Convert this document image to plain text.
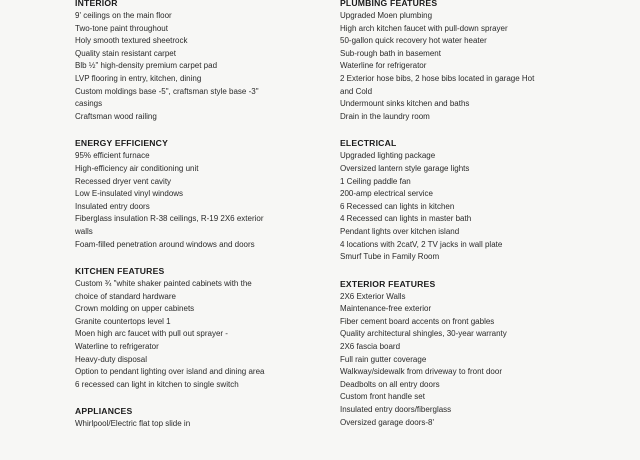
INTERIOR
9' ceilings on the main floor
Two-tone paint throughout
Holy smooth textured sheetrock
Quality stain resistant carpet
Blb ½" high-density premium carpet pad
LVP flooring in entry, kitchen, dining
Custom moldings base -5", craftsman style base -3"
casings
Craftsman wood railing
ENERGY EFFICIENCY
95% efficient furnace
High-efficiency air conditioning unit
Recessed dryer vent cavity
Low E-insulated vinyl windows
Insulated entry doors
Fiberglass insulation R-38 ceilings, R-19 2X6 exterior
walls
Foam-filled penetration around windows and doors
KITCHEN FEATURES
Custom ¾ "white shaker painted cabinets with the
choice of standard hardware
Crown molding on upper cabinets
Granite countertops level 1
Moen high arc faucet with pull out sprayer -
Waterline to refrigerator
Heavy-duty disposal
Option to pendant lighting over island and dining area
6 recessed can light in kitchen to single switch
APPLIANCES
Whirlpool/Electric flat top slide in
PLUMBING FEATURES
Upgraded Moen plumbing
High arch kitchen faucet with pull-down sprayer
50-gallon quick recovery hot water heater
Sub-rough bath in basement
Waterline for refrigerator
2 Exterior hose bibs, 2 hose bibs located in garage Hot
and Cold
Undermount sinks kitchen and baths
Drain in the laundry room
ELECTRICAL
Upgraded lighting package
Oversized lantern style garage lights
1 Ceiling paddle fan
200-amp electrical service
6 Recessed can lights in kitchen
4 Recessed can lights in master bath
Pendant lights over kitchen island
4 locations with 2catV, 2 TV jacks in wall plate
Smurf Tube in Family Room
EXTERIOR FEATURES
2X6 Exterior Walls
Maintenance-free exterior
Fiber cement board accents on front gables
Quality architectural shingles, 30-year warranty
2X6 fascia board
Full rain gutter coverage
Walkway/sidewalk from driveway to front door
Deadbolts on all entry doors
Custom front handle set
Insulated entry doors/fiberglass
Oversized garage doors-8'
